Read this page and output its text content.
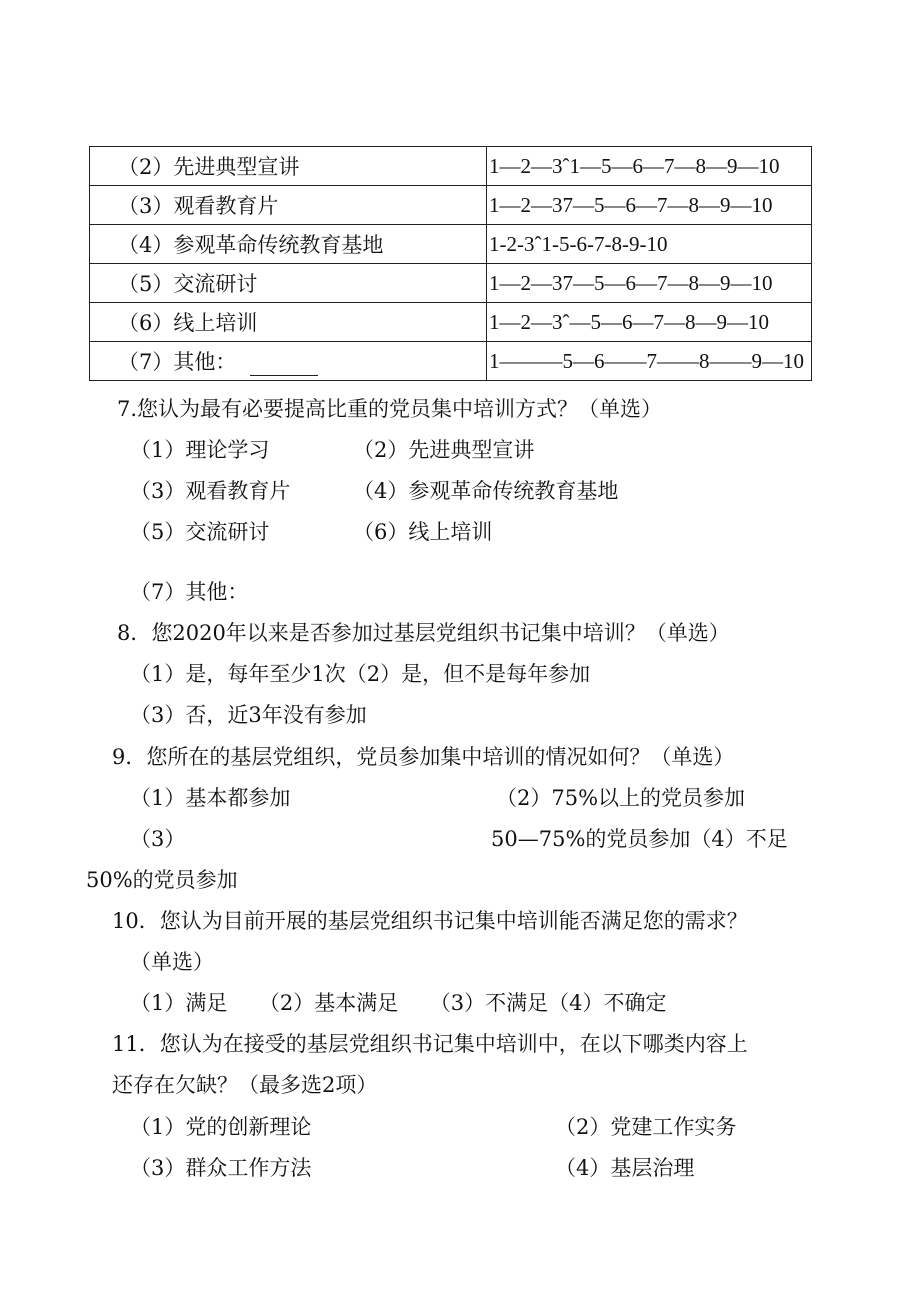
（2）先进典型宣讲	1—2—3ˆ1—5—6—7—8—9—10
（3）观看教育片	1—2—37—5—6—7—8—9—10
（4）参观革命传统教育基地	1-2-3ˆ1-5-6-7-8-9-10
（5）交流研讨	1—2—37—5—6—7—8—9—10
（6）线上培训	1—2—3ˆ—5—6—7—8—9—10
（7）其他：	1———5—6——7——8——9—10
7.您认为最有必要提高比重的党员集中培训方式？（单选）
（1）理论学习	（2）先进典型宣讲
（3）观看教育片	（4）参观革命传统教育基地
（5）交流研讨	（6）线上培训
（7）其他：
8．您2020年以来是否参加过基层党组织书记集中培训？（单选）
（1）是，每年至少1次（2）是，但不是每年参加
（3）否，近3年没有参加
9．您所在的基层党组织，党员参加集中培训的情况如何？（单选）
（1）基本都参加	（2）75%以上的党员参加
（3）	50—75%的党员参加（4）不足
50%的党员参加
10．您认为目前开展的基层党组织书记集中培训能否满足您的需求？
（单选）
（1）满足　　（2）基本满足　　（3）不满足（4）不确定
11．您认为在接受的基层党组织书记集中培训中，在以下哪类内容上
还存在欠缺？（最多选2项）
（1）党的创新理论	（2）党建工作实务
（3）群众工作方法	（4）基层治理
